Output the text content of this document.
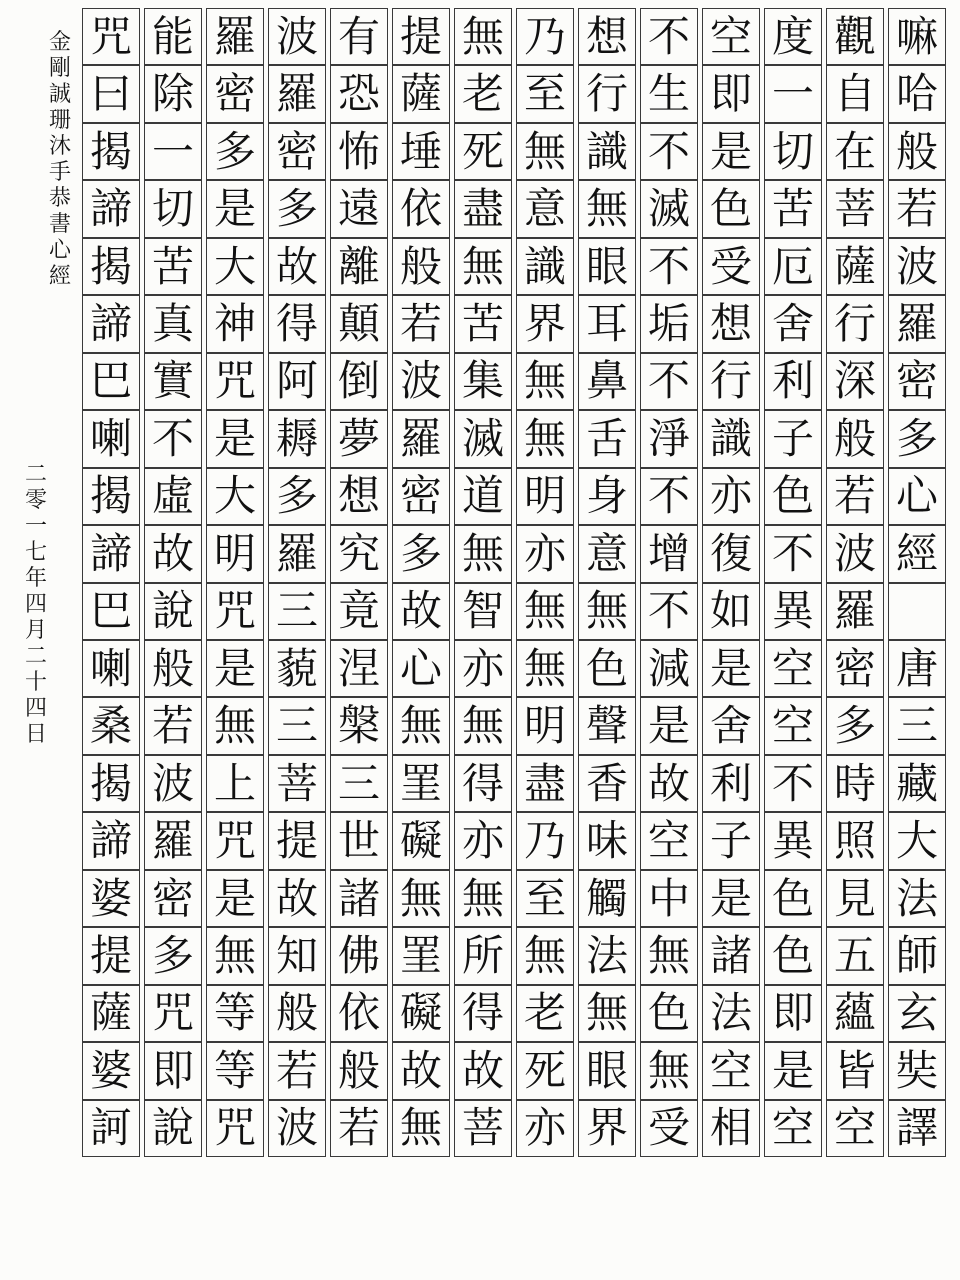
嘛
哈
般
若
波
羅
密
多
心
經

唐
三
藏
大
法
師
玄
奘
譯
觀
自
在
菩
薩
行
深
般
若
波
羅
密
多
時
照
見
五
蘊
皆
空
度
一
切
苦
厄
舍
利
子
色
不
異
空
空
不
異
色
色
即
是
空
空
即
是
色
受
想
行
識
亦
復
如
是
舍
利
子
是
諸
法
空
相
不
生
不
滅
不
垢
不
淨
不
增
不
減
是
故
空
中
無
色
無
受
想
行
識
無
眼
耳
鼻
舌
身
意
無
色
聲
香
味
觸
法
無
眼
界
乃
至
無
意
識
界
無
無
明
亦
無
無
明
盡
乃
至
無
老
死
亦
無
老
死
盡
無
苦
集
滅
道
無
智
亦
無
得
亦
無
所
得
故
菩
提
薩
埵
依
般
若
波
羅
密
多
故
心
無
罣
礙
無
罣
礙
故
無
有
恐
怖
遠
離
顛
倒
夢
想
究
竟
涅
槃
三
世
諸
佛
依
般
若
波
羅
密
多
故
得
阿
耨
多
羅
三
藐
三
菩
提
故
知
般
若
波
羅
密
多
是
大
神
咒
是
大
明
咒
是
無
上
咒
是
無
等
等
咒
能
除
一
切
苦
真
實
不
虛
故
說
般
若
波
羅
密
多
咒
即
說
咒
曰
揭
諦
揭
諦
巴
喇
揭
諦
巴
喇
桑
揭
諦
婆
提
薩
婆
訶
金
剛
誠
珊
沐
手
恭
書
心
經
二
零
一
七
年
四
月
二
十
四
日
